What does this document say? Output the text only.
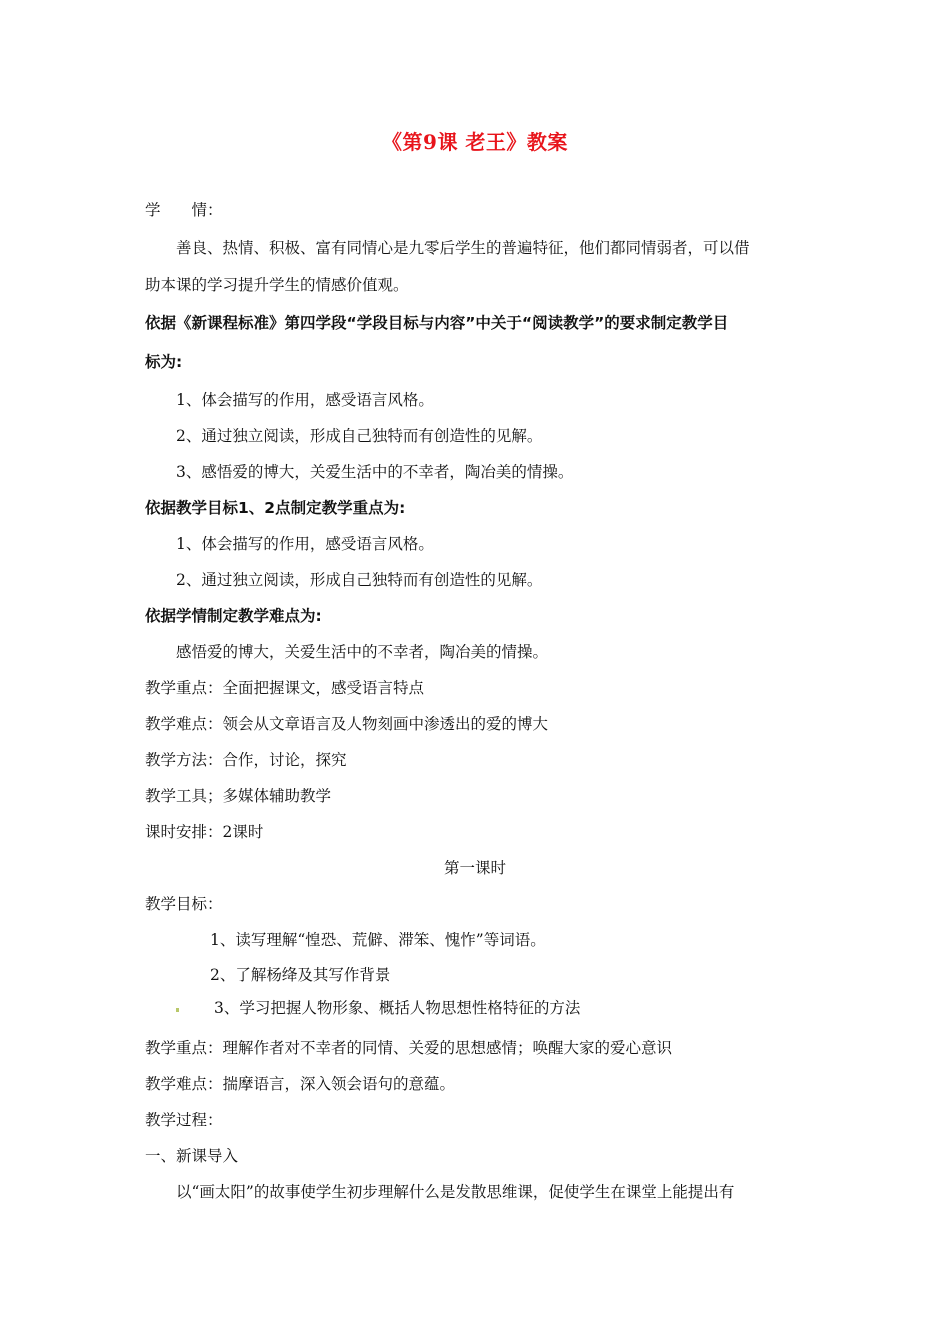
《第9课 老王》教案
学　　情：
善良、热情、积极、富有同情心是九零后学生的普遍特征，他们都同情弱者，可以借
助本课的学习提升学生的情感价值观。
依据《新课程标准》第四学段“学段目标与内容”中关于“阅读教学”的要求制定教学目
标为:
1、体会描写的作用，感受语言风格。
2、通过独立阅读，形成自己独特而有创造性的见解。
3、感悟爱的博大，关爱生活中的不幸者，陶冶美的情操。
依据教学目标1、2点制定教学重点为:
1、体会描写的作用，感受语言风格。
2、通过独立阅读，形成自己独特而有创造性的见解。
依据学情制定教学难点为:
感悟爱的博大，关爱生活中的不幸者，陶冶美的情操。
教学重点：全面把握课文，感受语言特点
教学难点：领会从文章语言及人物刻画中渗透出的爱的博大
教学方法：合作，讨论，探究
教学工具；多媒体辅助教学
课时安排：2课时
第一课时
教学目标：
1、读写理解“惶恐、荒僻、滞笨、愧怍”等词语。
2、了解杨绛及其写作背景
3、学习把握人物形象、概括人物思想性格特征的方法
教学重点：理解作者对不幸者的同情、关爱的思想感情；唤醒大家的爱心意识
教学难点：揣摩语言，深入领会语句的意蕴。
教学过程：
一、新课导入
以“画太阳”的故事使学生初步理解什么是发散思维课，促使学生在课堂上能提出有
